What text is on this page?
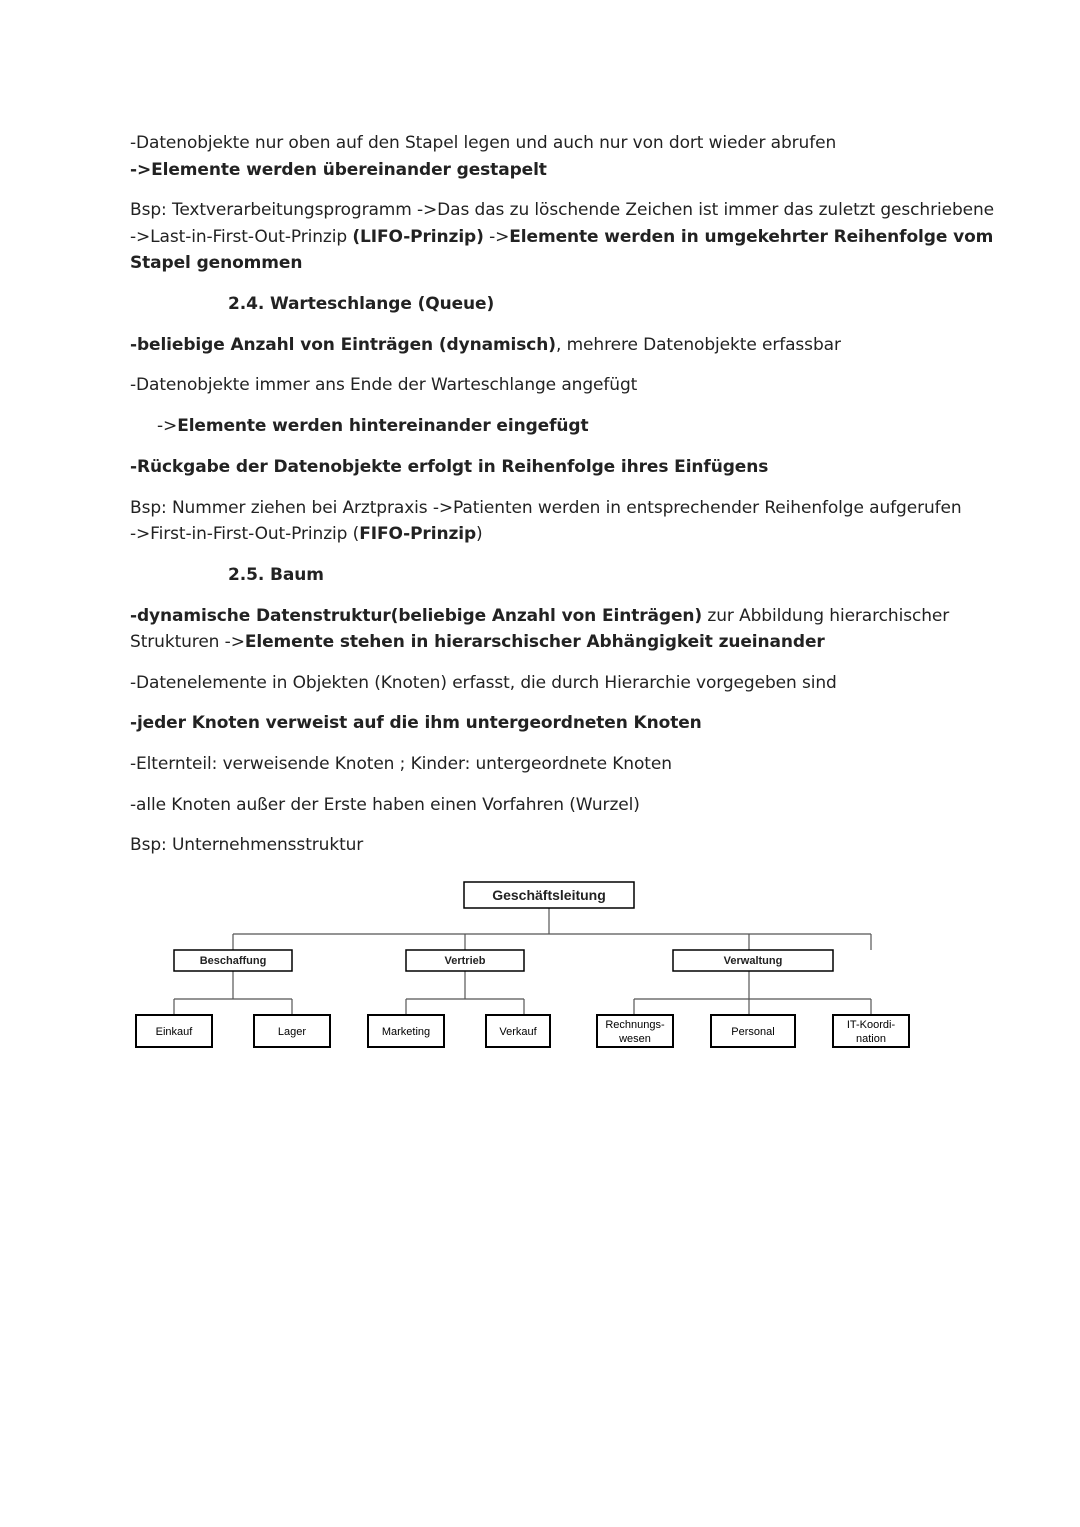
-Datenobjekte nur oben auf den Stapel legen und auch nur von dort wieder abrufen
->Elemente werden übereinander gestapelt
Bsp: Textverarbeitungsprogramm ->Das das zu löschende Zeichen ist immer das zuletzt geschriebene
->Last-in-First-Out-Prinzip (LIFO-Prinzip) ->Elemente werden in umgekehrter Reihenfolge vom
Stapel genommen
2.4. Warteschlange (Queue)
-beliebige Anzahl von Einträgen (dynamisch), mehrere Datenobjekte erfassbar
-Datenobjekte immer ans Ende der Warteschlange angefügt
->Elemente werden hintereinander eingefügt
-Rückgabe der Datenobjekte erfolgt in Reihenfolge ihres Einfügens
Bsp: Nummer ziehen bei Arztpraxis ->Patienten werden in entsprechender Reihenfolge aufgerufen
->First-in-First-Out-Prinzip (FIFO-Prinzip)
2.5. Baum
-dynamische Datenstruktur(beliebige Anzahl von Einträgen) zur Abbildung hierarchischer
Strukturen ->Elemente stehen in hierarschischer Abhängigkeit zueinander
-Datenelemente in Objekten (Knoten) erfasst, die durch Hierarchie vorgegeben sind
-jeder Knoten verweist auf die ihm untergeordneten Knoten
-Elternteil: verweisende Knoten ; Kinder: untergeordnete Knoten
-alle Knoten außer der Erste haben einen Vorfahren (Wurzel)
Bsp: Unternehmensstruktur
Geschäftsleitung
Beschaffung	Vertrieb	Verwaltung
Einkauf	Lager	Marketing	Verkauf
Rechnungs-
wesen
Personal
IT-Koordi-
nation
